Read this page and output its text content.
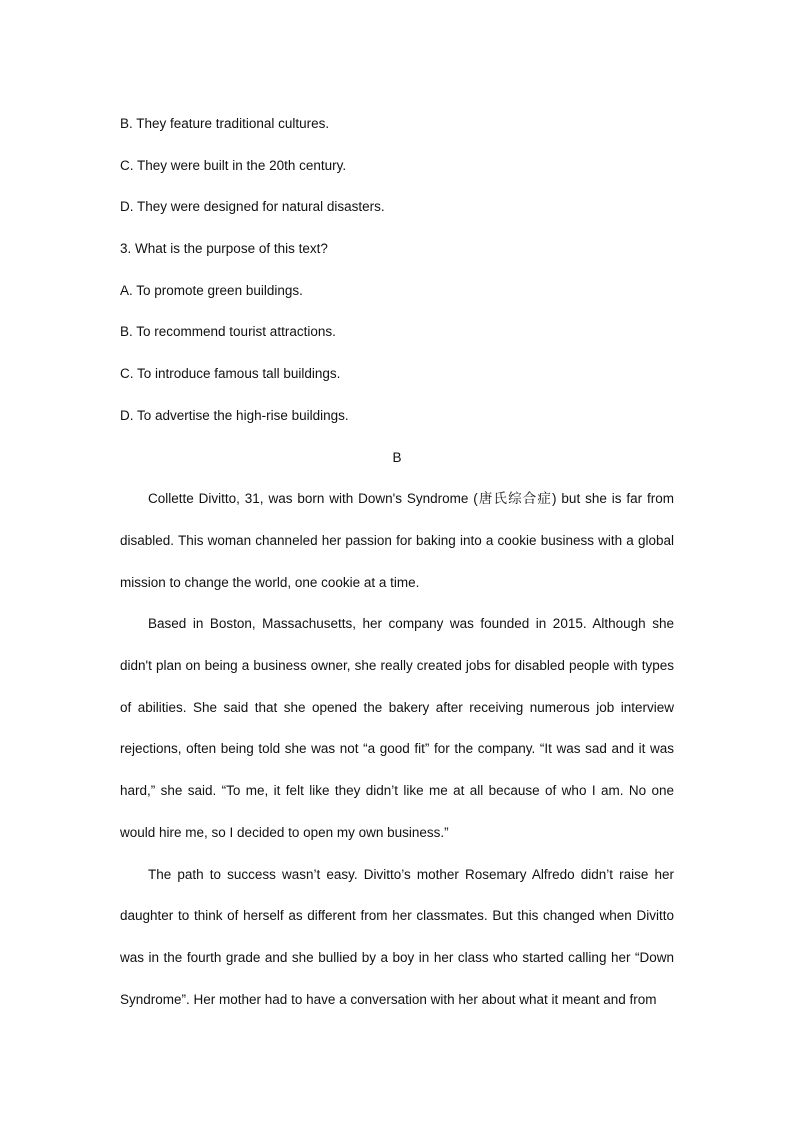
B. They feature traditional cultures.
C. They were built in the 20th century.
D. They were designed for natural disasters.
3. What is the purpose of this text?
A. To promote green buildings.
B. To recommend tourist attractions.
C. To introduce famous tall buildings.
D. To advertise the high-rise buildings.
B

Collette Divitto, 31, was born with Down's Syndrome (唐氏综合症) but she is far from disabled. This woman channeled her passion for baking into a cookie business with a global mission to change the world, one cookie at a time.

Based in Boston, Massachusetts, her company was founded in 2015. Although she didn't plan on being a business owner, she really created jobs for disabled people with types of abilities. She said that she opened the bakery after receiving numerous job interview rejections, often being told she was not “a good fit” for the company. “It was sad and it was hard,” she said. “To me, it felt like they didn’t like me at all because of who I am. No one would hire me, so I decided to open my own business.”

The path to success wasn’t easy. Divitto’s mother Rosemary Alfredo didn’t raise her daughter to think of herself as different from her classmates. But this changed when Divitto was in the fourth grade and she bullied by a boy in her class who started calling her “Down Syndrome”. Her mother had to have a conversation with her about what it meant and from
